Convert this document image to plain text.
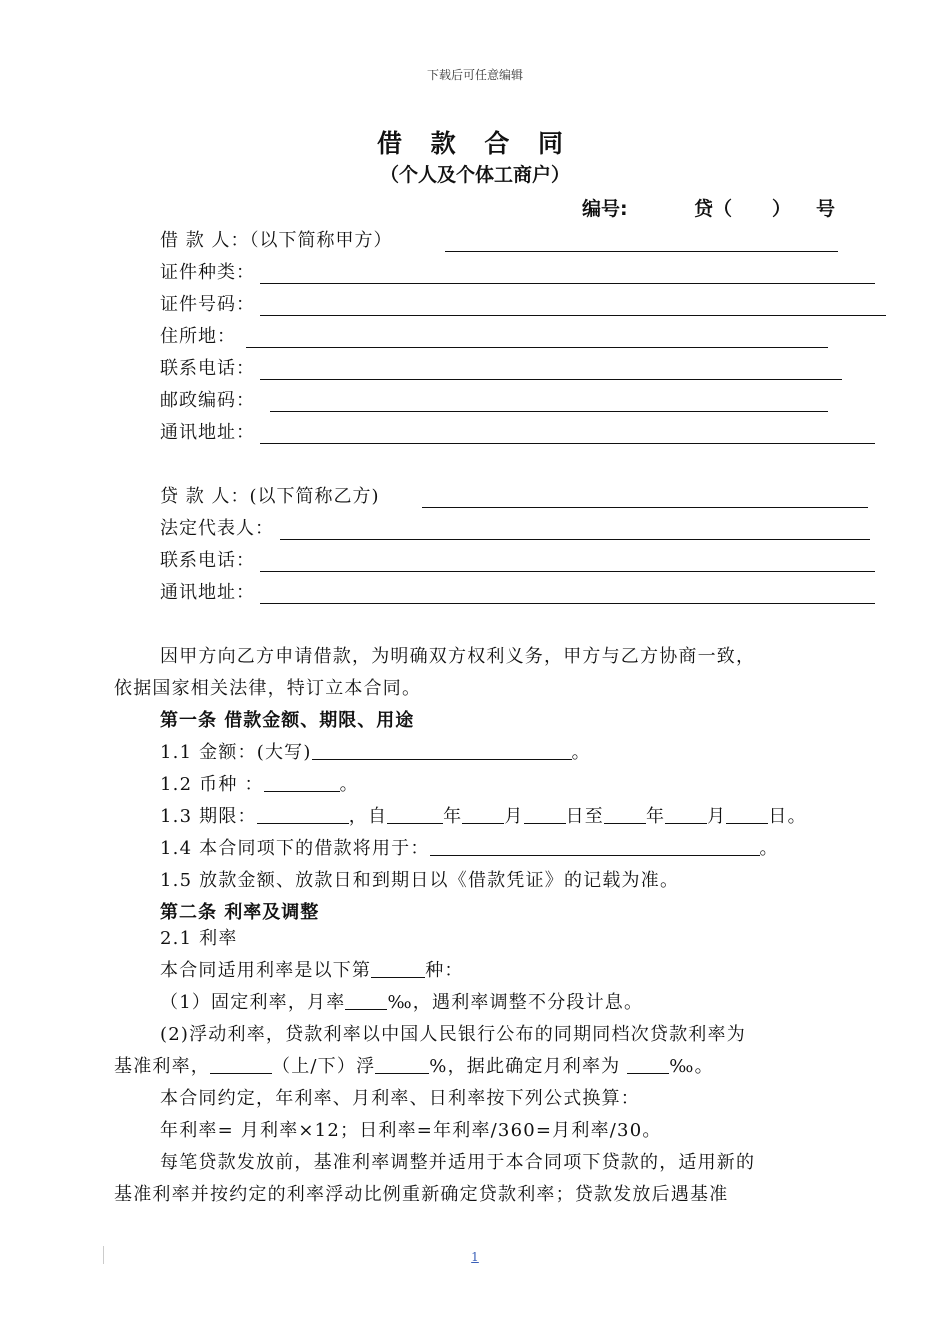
下载后可任意编辑
借 款 合 同
（个人及个体工商户）
编号:	贷（ ） 号
借 款 人：（以下简称甲方）
证件种类：
证件号码：
住所地：
联系电话：
邮政编码：
通讯地址：
贷 款 人：(以下简称乙方)
法定代表人：
联系电话：
通讯地址：
因甲方向乙方申请借款，为明确双方权利义务，甲方与乙方协商一致，
依据国家相关法律，特订立本合同。
第一条 借款金额、期限、用途
1.1 金额：(大写)	。
1.2 币种 ：	。
1.3 期限：	，自	年 月 日至 年 月 日。
1.4 本合同项下的借款将用于：	。
1.5 放款金额、放款日和到期日以《借款凭证》的记载为准。
第二条 利率及调整
2.1 利率
本合同适用利率是以下第	种：
（1）固定利率，月率 ‰，遇利率调整不分段计息。
(2)浮动利率，贷款利率以中国人民银行公布的同期同档次贷款利率为
基准利率，	（上/下）浮	%，据此确定月利率为 ‰。
本合同约定，年利率、月利率、日利率按下列公式换算：
年利率= 月利率×12；日利率=年利率/360=月利率/30。
每笔贷款发放前，基准利率调整并适用于本合同项下贷款的，适用新的
基准利率并按约定的利率浮动比例重新确定贷款利率；贷款发放后遇基准
1
